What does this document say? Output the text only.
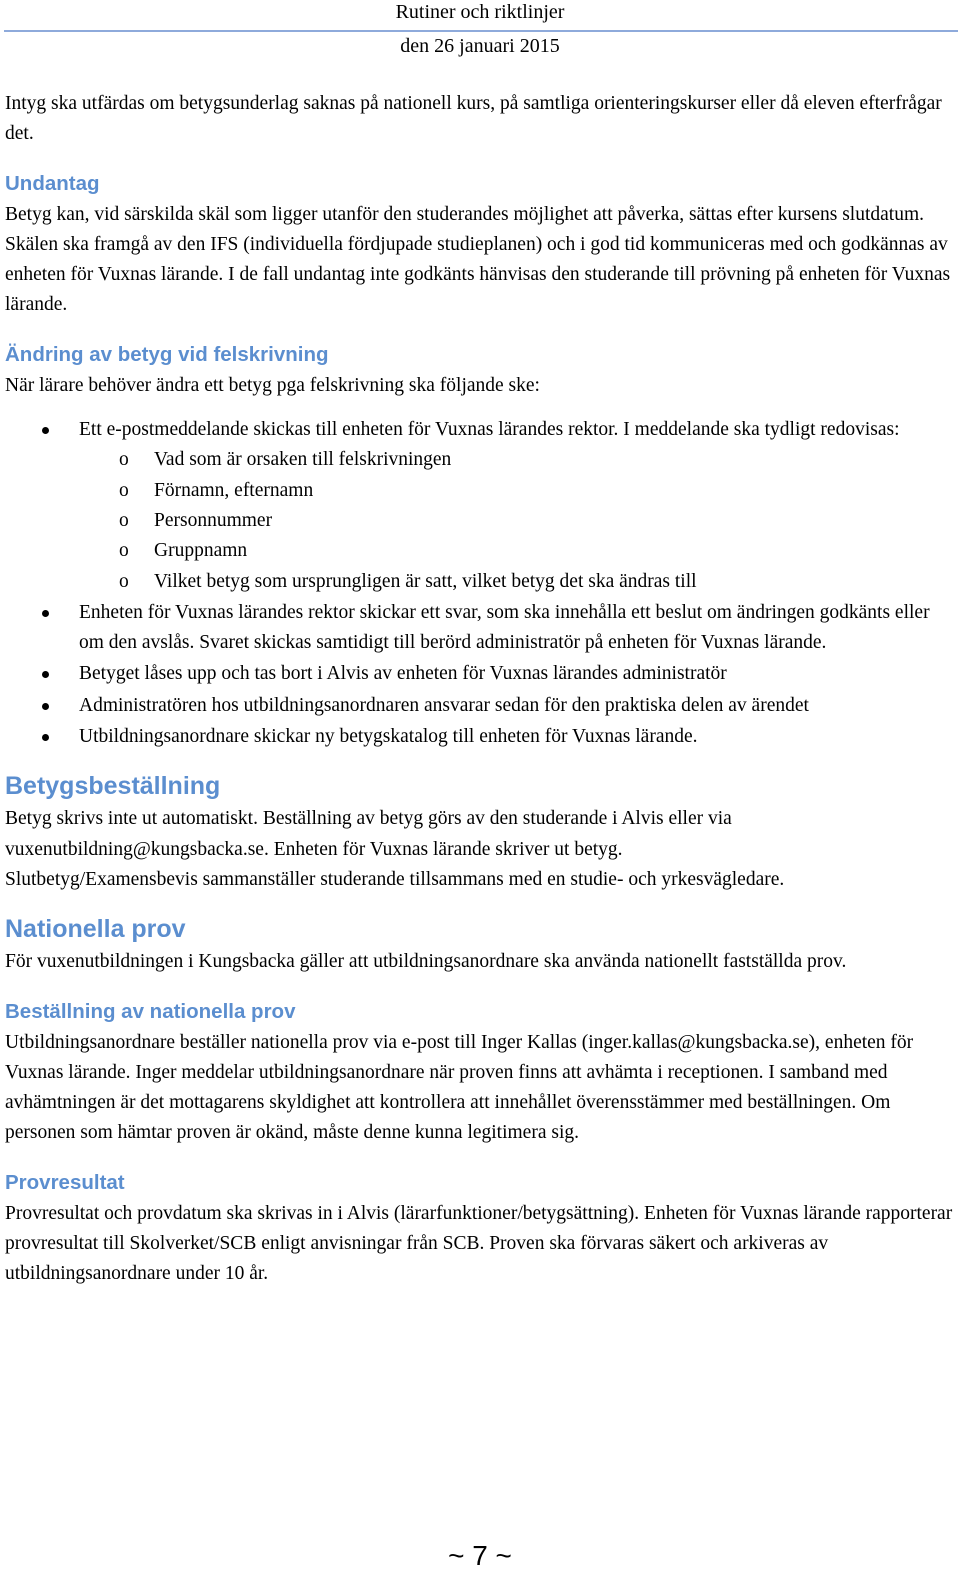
Rutiner och riktlinjer
den 26 januari 2015

Intyg ska utfärdas om betygsunderlag saknas på nationell kurs, på samtliga orienteringskurser eller då eleven efterfrågar det.

Undantag

Betyg kan, vid särskilda skäl som ligger utanför den studerandes möjlighet att påverka, sättas efter kursens slutdatum. Skälen ska framgå av den IFS (individuella fördjupade studieplanen) och i god tid kommuniceras med och godkännas av enheten för Vuxnas lärande. I de fall undantag inte godkänts hänvisas den studerande till prövning på enheten för Vuxnas lärande.

Ändring av betyg vid felskrivning

När lärare behöver ändra ett betyg pga felskrivning ska följande ske:

Ett e-postmeddelande skickas till enheten för Vuxnas lärandes rektor. I meddelande ska tydligt redovisas:
o Vad som är orsaken till felskrivningen
o Förnamn, efternamn
o Personnummer
o Gruppnamn
o Vilket betyg som ursprungligen är satt, vilket betyg det ska ändras till
Enheten för Vuxnas lärandes rektor skickar ett svar, som ska innehålla ett beslut om ändringen godkänts eller om den avslås. Svaret skickas samtidigt till berörd administratör på enheten för Vuxnas lärande.
Betyget låses upp och tas bort i Alvis av enheten för Vuxnas lärandes administratör
Administratören hos utbildningsanordnaren ansvarar sedan för den praktiska delen av ärendet
Utbildningsanordnare skickar ny betygskatalog till enheten för Vuxnas lärande.
Betygsbeställning

Betyg skrivs inte ut automatiskt. Beställning av betyg görs av den studerande i Alvis eller via vuxenutbildning@kungsbacka.se. Enheten för Vuxnas lärande skriver ut betyg.

Slutbetyg/Examensbevis sammanställer studerande tillsammans med en studie- och yrkesvägledare.

Nationella prov

För vuxenutbildningen i Kungsbacka gäller att utbildningsanordnare ska använda nationellt fastställda prov.

Beställning av nationella prov

Utbildningsanordnare beställer nationella prov via e-post till Inger Kallas (inger.kallas@kungsbacka.se), enheten för Vuxnas lärande. Inger meddelar utbildningsanordnare när proven finns att avhämta i receptionen. I samband med avhämtningen är det mottagarens skyldighet att kontrollera att innehållet överensstämmer med beställningen. Om personen som hämtar proven är okänd, måste denne kunna legitimera sig.

Provresultat

Provresultat och provdatum ska skrivas in i Alvis (lärarfunktioner/betygsättning). Enheten för Vuxnas lärande rapporterar provresultat till Skolverket/SCB enligt anvisningar från SCB. Proven ska förvaras säkert och arkiveras av utbildningsanordnare under 10 år.

~ 7 ~
